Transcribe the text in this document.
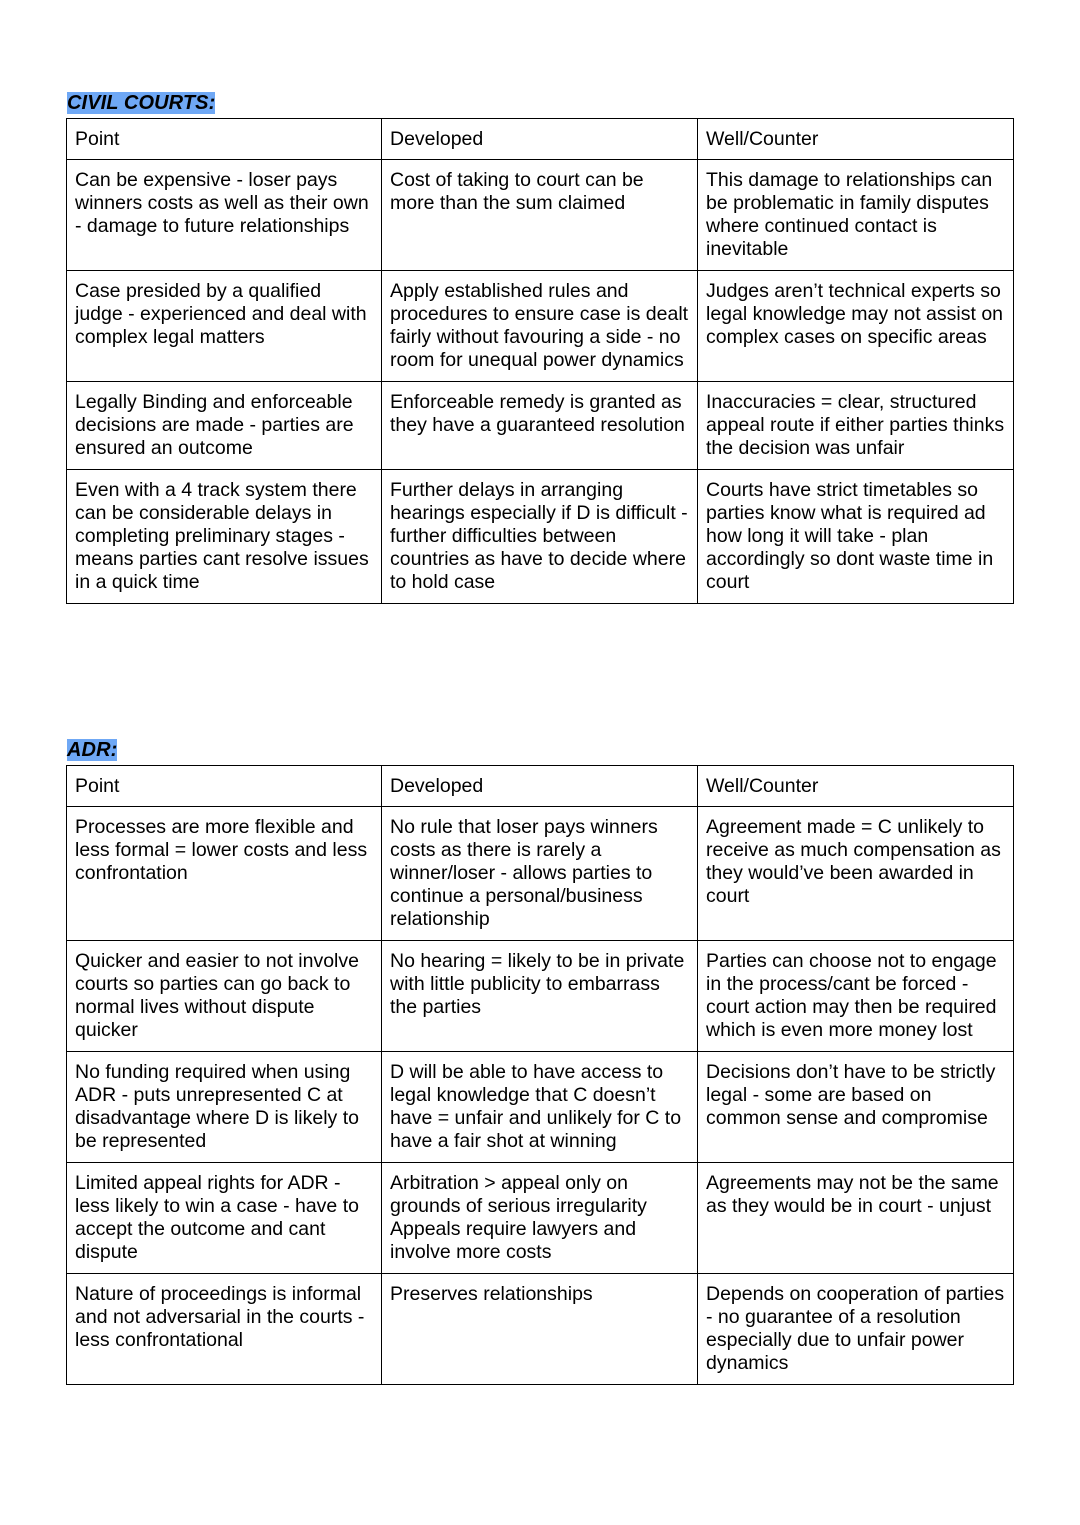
CIVIL COURTS:
Point	Developed	Well/Counter
Can be expensive - loser pays winners costs as well as their own - damage to future relationships	Cost of taking to court can be more than the sum claimed	This damage to relationships can be problematic in family disputes where continued contact is inevitable
Case presided by a qualified judge - experienced and deal with complex legal matters	Apply established rules and procedures to ensure case is dealt fairly without favouring a side - no room for unequal power dynamics	Judges aren’t technical experts so legal knowledge may not assist on complex cases on specific areas
Legally Binding and enforceable decisions are made - parties are ensured an outcome	Enforceable remedy is granted as they have a guaranteed resolution	Inaccuracies = clear, structured appeal route if either parties thinks the decision was unfair
Even with a 4 track system there can be considerable delays in completing preliminary stages - means parties cant resolve issues in a quick time	Further delays in arranging hearings especially if D is difficult - further difficulties between countries as have to decide where to hold case	Courts have strict timetables so parties know what is required ad how long it will take - plan accordingly so dont waste time in court
ADR:
Point	Developed	Well/Counter
Processes are more flexible and less formal = lower costs and less confrontation	No rule that loser pays winners costs as there is rarely a winner/loser - allows parties to continue a personal/business relationship	Agreement made = C unlikely to receive as much compensation as they would’ve been awarded in court
Quicker and easier to not involve courts so parties can go back to normal lives without dispute quicker	No hearing = likely to be in private with little publicity to embarrass the parties	Parties can choose not to engage in the process/cant be forced - court action may then be required which is even more money lost
No funding required when using ADR - puts unrepresented C at disadvantage where D is likely to be represented	D will be able to have access to legal knowledge that C doesn’t have = unfair and unlikely for C to have a fair shot at winning	Decisions don’t have to be strictly legal - some are based on common sense and compromise
Limited appeal rights for ADR - less likely to win a case - have to accept the outcome and cant dispute	Arbitration > appeal only on grounds of serious irregularity Appeals require lawyers and involve more costs	Agreements may not be the same as they would be in court - unjust
Nature of proceedings is informal and not adversarial in the courts - less confrontational	Preserves relationships	Depends on cooperation of parties - no guarantee of a resolution especially due to unfair power dynamics
